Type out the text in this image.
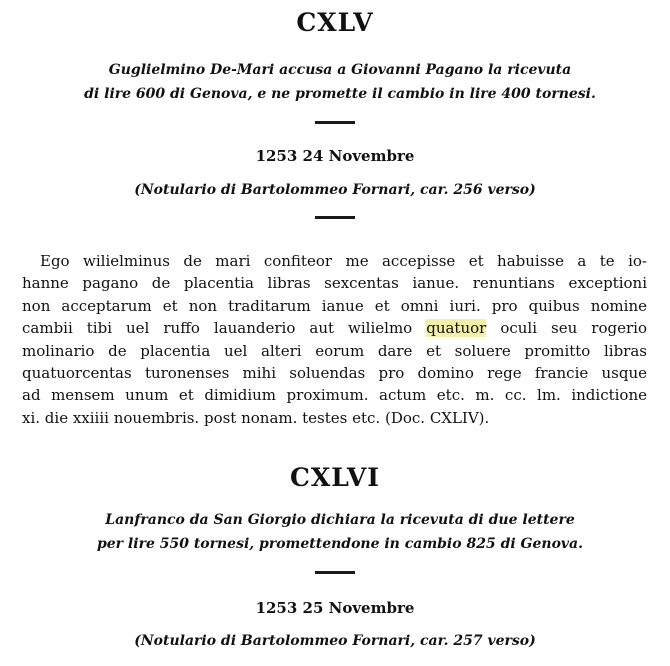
CXLV
Guglielmino De-Mari accusa a Giovanni Pagano la ricevuta
di lire 600 di Genova, e ne promette il cambio in lire 400 tornesi.

1253 24 Novembre

(Notulario di Bartolommeo Fornari, car. 256 verso)

Ego wilielminus de mari confiteor me accepisse et habuisse a te io-
hanne pagano de placentia libras sexcentas ianue. renuntians exceptioni
non acceptarum et non traditarum ianue et omni iuri. pro quibus nomine
cambii tibi uel ruffo lauanderio aut wilielmo quatuor oculi seu rogerio
molinario de placentia uel alteri eorum dare et soluere promitto libras
quatuorcentas turonenses mihi soluendas pro domino rege francie usque
ad mensem unum et dimidium proximum. actum etc. m. cc. lm. indictione
xi. die xxiiii nouembris. post nonam. testes etc. (Doc. CXLIV).
CXLVI
Lanfranco da San Giorgio dichiara la ricevuta di due lettere
per lire 550 tornesi, promettendone in cambio 825 di Genova.

1253 25 Novembre

(Notulario di Bartolommeo Fornari, car. 257 verso)
